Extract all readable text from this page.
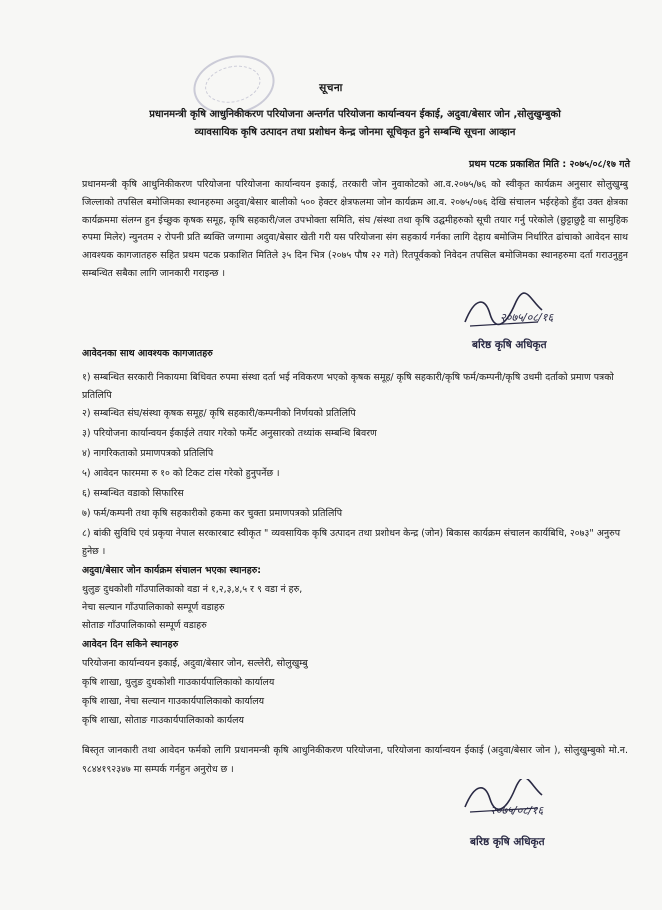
सूचना
प्रधानमन्त्री कृषि आधुनिकीकरण परियोजना अन्तर्गत परियोजना कार्यान्वयन ईकाई, अदुवा/बेसार जोन ,सोलुखुम्बुको
व्यावसायिक कृषि उत्पादन तथा प्रशोधन केन्द्र जोनमा सूचिकृत हुने सम्बन्धि सूचना आव्हान
प्रथम पटक प्रकाशित मिति : २०७५/०८/१७ गते
प्रधानमन्त्री कृषि आधुनिकीकरण परियोजना परियोजना कार्यान्वयन इकाई, तरकारी जोन नुवाकोटको आ.व.२०७५/७६ को स्वीकृत कार्यक्रम अनुसार सोलुखुम्बु जिल्लाको तपसिल बमोजिमका स्थानहरुमा अदुवा/बेसार बालीको ५०० हेक्टर क्षेत्रफलमा जोन कार्यक्रम आ.व. २०७५/०७६ देखि संचालन भईरहेको हुँदा उक्त क्षेत्रका कार्यक्रममा संलग्न हुन ईच्छुक कृषक समूह, कृषि सहकारी/जल उपभोक्ता समिति, संघ /संस्था तथा कृषि उद्घमीहरुको सूची तयार गर्नु परेकोले (छुट्टाछुट्टै वा सामुहिक रुपमा मिलेर) न्युनतम २ रोपनी प्रति ब्यक्ति जग्गामा अदुवा/बेसार खेती गरी यस परियोजना संग सहकार्य गर्नका लागि देहाय बमोजिम निर्धारित ढांचाको आवेदन साथ आवश्यक कागजातहरु सहित प्रथम पटक प्रकाशित मितिले ३५ दिन भित्र (२०७५ पौष २२ गते) रितपूर्वकको निवेदन तपसिल बमोजिमका स्थानहरुमा दर्ता गराउनुहुन सम्बन्धित सबैका लागि जानकारी गराइन्छ ।
२०७५/०८/१६
बरिष्ठ कृषि अधिकृत
आवेदनका साथ आवश्यक कागजातहरु
१) सम्बन्धित सरकारी निकायमा बिधिवत रुपमा संस्था दर्ता भई नविकरण भएको कृषक समूह/ कृषि सहकारी/कृषि फर्म/कम्पनी/कृषि उधमी दर्ताको प्रमाण पत्रको प्रतिलिपि
२) सम्बन्धित संघ/संस्था कृषक समूह/ कृषि सहकारी/कम्पनीको निर्णयको प्रतिलिपि
३) परियोजना कार्यान्वयन ईकाईले तयार गरेको फर्मेट अनुसारको तथ्यांक सम्बन्धि बिवरण
४) नागरिकताको प्रमाणपत्रको प्रतिलिपि
५) आवेदन फारममा रु १० को टिकट टांस गरेको हुनुपर्नेछ ।
६) सम्बन्धित वडाको सिफारिस
७) फर्म/कम्पनी तथा कृषि सहकारीको हकमा कर चुक्ता प्रमाणपत्रको प्रतिलिपि
८) बांकी सुविधि एवं प्रकृया नेपाल सरकारबाट स्वीकृत " व्यवसायिक कृषि उत्पादन तथा प्रशोधन केन्द्र (जोन) बिकास कार्यक्रम संचालन कार्यबिधि, २०७३" अनुरुप हुनेछ ।
अदुवा/बेसार जोन कार्यक्रम संचालन भएका स्थानहरु:
थुलुङ दुधकोशी गाँउपालिकाको वडा नं १,२,३,४,५ र ९ वडा नं हरु,
नेचा सल्यान गाँउपालिकाको सम्पूर्ण वडाहरु
सोताङ गाँउपालिकाको सम्पूर्ण वडाहरु
आवेदन दिन सकिने स्थानहरु
परियोजना कार्यान्वयन इकाई, अदुवा/बेसार जोन, सल्लेरी, सोलुखुम्बु
कृषि शाखा, थुलुङ दुधकोशी गाउकार्यपालिकाको कार्यालय
कृषि शाखा, नेचा सल्यान गाउकार्यपालिकाको कार्यालय
कृषि शाखा, सोताङ गाउकार्यपालिकाको कार्यलय
बिस्तृत जानकारी तथा आवेदन फर्मको लागि प्रधानमन्त्री कृषि आधुनिकीकरण परियोजना, परियोजना कार्यान्वयन ईकाई (अदुवा/बेसार जोन ), सोलुखुम्बुको मो.न. ९८४४१९२३४७ मा सम्पर्क गर्नहुन अनुरोध छ ।
२०७५/०८/१६
बरिष्ठ कृषि अधिकृत
